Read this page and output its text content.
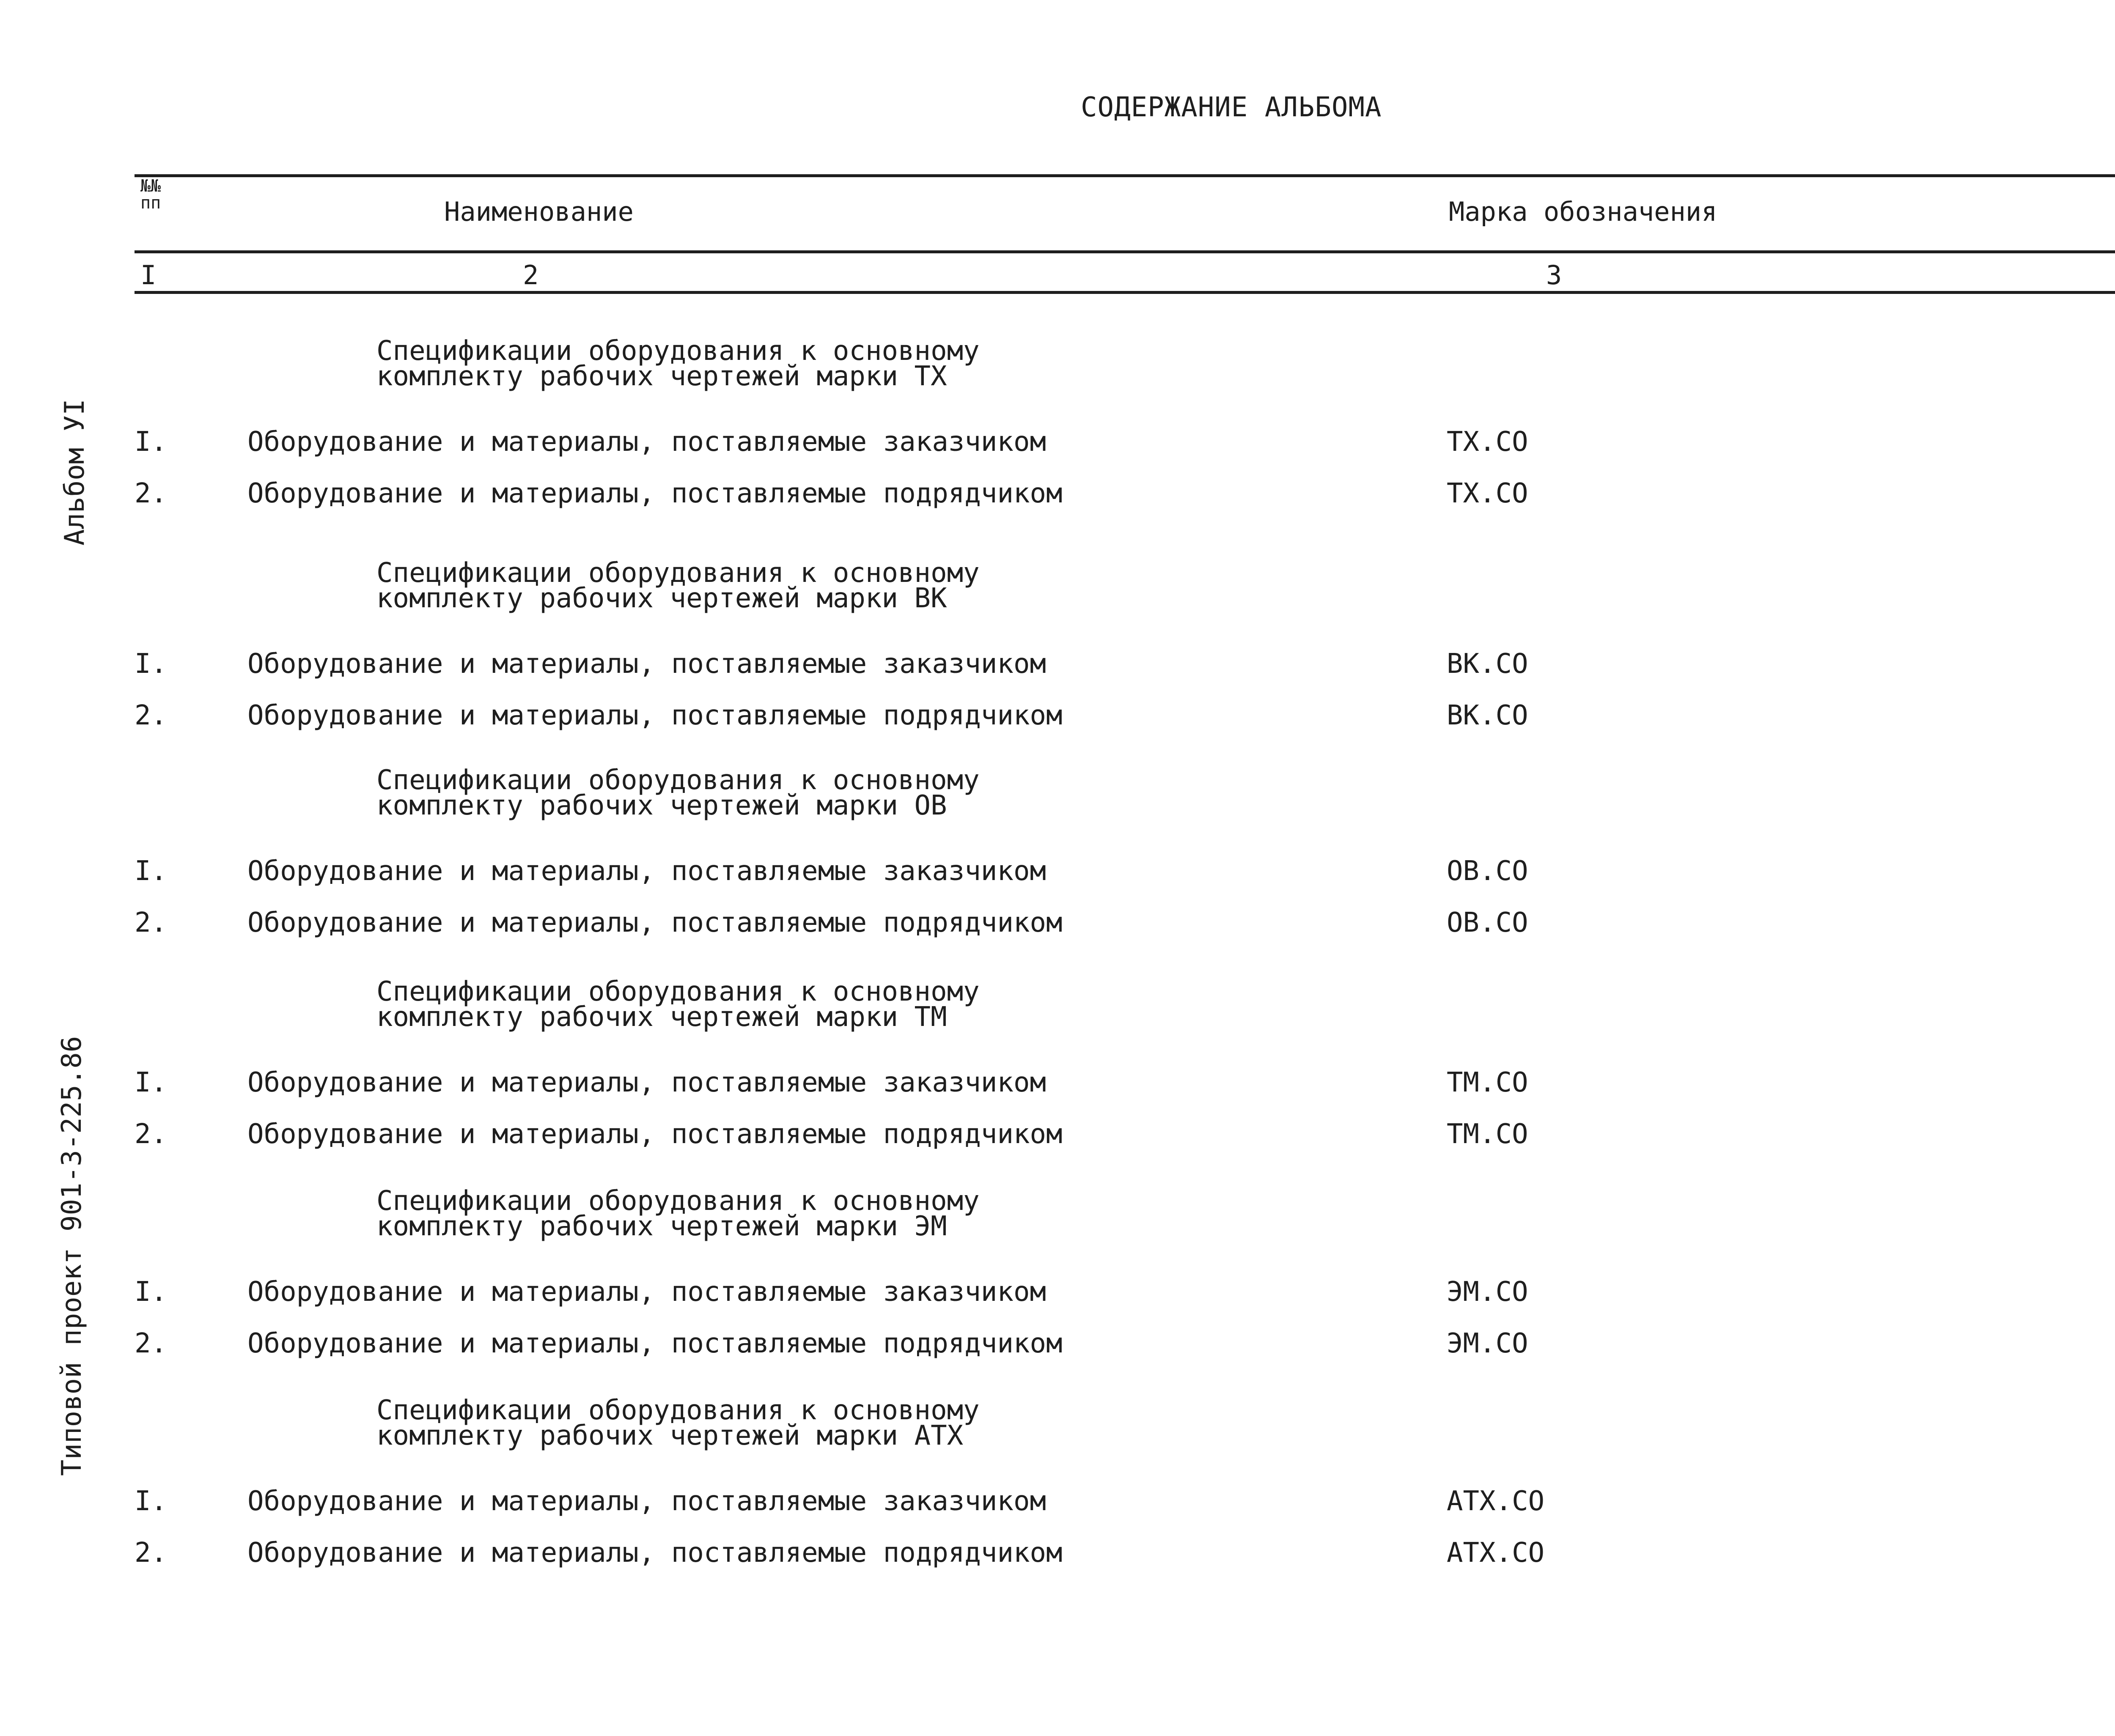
СОДЕРЖАНИЕ АЛЬБОМА
Альбом УI
Типовой проект 901-3-225.86
№№
пп	Наименование	Марка обозначения
I	2	3
Спецификации оборудования к основному
комплекту рабочих чертежей марки ТХ
I.	Оборудование и материалы, поставляемые заказчиком	ТХ.СО
2.	Оборудование и материалы, поставляемые подрядчиком	ТХ.СО
Спецификации оборудования к основному
комплекту рабочих чертежей марки ВК
I.	Оборудование и материалы, поставляемые заказчиком	ВК.СО
2.	Оборудование и материалы, поставляемые подрядчиком	ВК.СО
Спецификации оборудования к основному
комплекту рабочих чертежей марки ОВ
I.	Оборудование и материалы, поставляемые заказчиком	ОВ.СО
2.	Оборудование и материалы, поставляемые подрядчиком	ОВ.СО
Спецификации оборудования к основному
комплекту рабочих чертежей марки ТМ
I.	Оборудование и материалы, поставляемые заказчиком	ТМ.СО
2.	Оборудование и материалы, поставляемые подрядчиком	ТМ.СО
Спецификации оборудования к основному
комплекту рабочих чертежей марки ЭМ
I.	Оборудование и материалы, поставляемые заказчиком	ЭМ.СО
2.	Оборудование и материалы, поставляемые подрядчиком	ЭМ.СО
Спецификации оборудования к основному
комплекту рабочих чертежей марки АТХ
I.	Оборудование и материалы, поставляемые заказчиком	АТХ.СО
2.	Оборудование и материалы, поставляемые подрядчиком	АТХ.СО
